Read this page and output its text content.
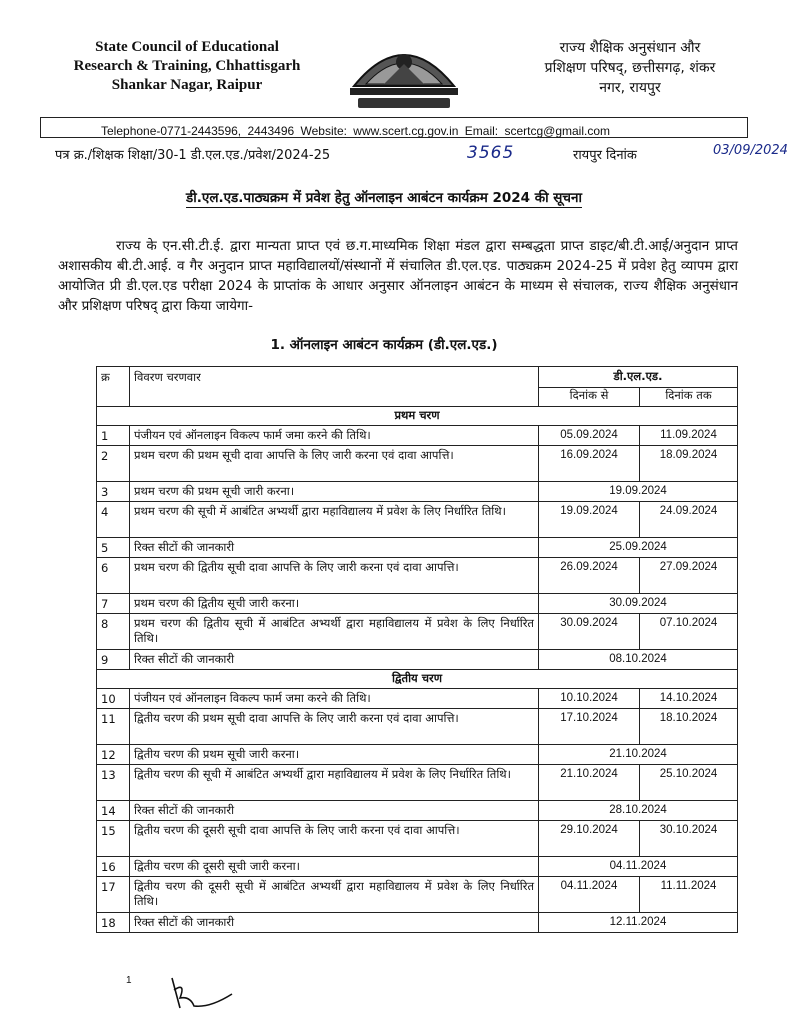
State Council of Educational
Research & Training, Chhattisgarh
Shankar Nagar, Raipur
राज्य शैक्षिक अनुसंधान और
प्रशिक्षण परिषद्, छत्तीसगढ़, शंकर
नगर, रायपुर
Telephone-0771-2443596, 2443496 Website: www.scert.cg.gov.in Email: scertcg@gmail.com
पत्र क्र./शिक्षक शिक्षा/30-1 डी.एल.एड./प्रवेश/2024-25	3565	रायपुर दिनांक	03/09/2024
डी.एल.एड.पाठ्यक्रम में प्रवेश हेतु ऑनलाइन आबंटन कार्यक्रम 2024 की सूचना
राज्य के एन.सी.टी.ई. द्वारा मान्यता प्राप्त एवं छ.ग.माध्यमिक शिक्षा मंडल द्वारा सम्बद्धता प्राप्त डाइट/बी.टी.आई/अनुदान प्राप्त अशासकीय बी.टी.आई. व गैर अनुदान प्राप्त महाविद्यालयों/संस्थानों में संचालित डी.एल.एड. पाठ्यक्रम 2024-25 में प्रवेश हेतु व्यापम द्वारा आयोजित प्री डी.एल.एड परीक्षा 2024 के प्राप्तांक के आधार अनुसार ऑनलाइन आबंटन के माध्यम से संचालक, राज्य शैक्षिक अनुसंधान और प्रशिक्षण परिषद् द्वारा किया जायेगा-
1. ऑनलाइन आबंटन कार्यक्रम (डी.एल.एड.)
क्र	विवरण चरणवार	डी.एल.एड.	
		दिनांक से	दिनांक तक
प्रथम चरण			
1	पंजीयन एवं ऑनलाइन विकल्प फार्म जमा करने की तिथि।	05.09.2024	11.09.2024
2	प्रथम चरण की प्रथम सूची दावा आपत्ति के लिए जारी करना एवं दावा आपत्ति।	16.09.2024	18.09.2024
3	प्रथम चरण की प्रथम सूची जारी करना।	19.09.2024	
4	प्रथम चरण की सूची में आबंटित अभ्यर्थी द्वारा महाविद्यालय में प्रवेश के लिए निर्धारित तिथि।	19.09.2024	24.09.2024
5	रिक्त सीटों की जानकारी	25.09.2024	
6	प्रथम चरण की द्वितीय सूची दावा आपत्ति के लिए जारी करना एवं दावा आपत्ति।	26.09.2024	27.09.2024
7	प्रथम चरण की द्वितीय सूची जारी करना।	30.09.2024	
8	प्रथम चरण की द्वितीय सूची में आबंटित अभ्यर्थी द्वारा महाविद्यालय में प्रवेश के लिए निर्धारित तिथि।	30.09.2024	07.10.2024
9	रिक्त सीटों की जानकारी	08.10.2024	
द्वितीय चरण			
10	पंजीयन एवं ऑनलाइन विकल्प फार्म जमा करने की तिथि।	10.10.2024	14.10.2024
11	द्वितीय चरण की प्रथम सूची दावा आपत्ति के लिए जारी करना एवं दावा आपत्ति।	17.10.2024	18.10.2024
12	द्वितीय चरण की प्रथम सूची जारी करना।	21.10.2024	
13	द्वितीय चरण की सूची में आबंटित अभ्यर्थी द्वारा महाविद्यालय में प्रवेश के लिए निर्धारित तिथि।	21.10.2024	25.10.2024
14	रिक्त सीटों की जानकारी	28.10.2024	
15	द्वितीय चरण की दूसरी सूची दावा आपत्ति के लिए जारी करना एवं दावा आपत्ति।	29.10.2024	30.10.2024
16	द्वितीय चरण की दूसरी सूची जारी करना।	04.11.2024	
17	द्वितीय चरण की दूसरी सूची में आबंटित अभ्यर्थी द्वारा महाविद्यालय में प्रवेश के लिए निर्धारित तिथि।	04.11.2024	11.11.2024
18	रिक्त सीटों की जानकारी	12.11.2024	
1
